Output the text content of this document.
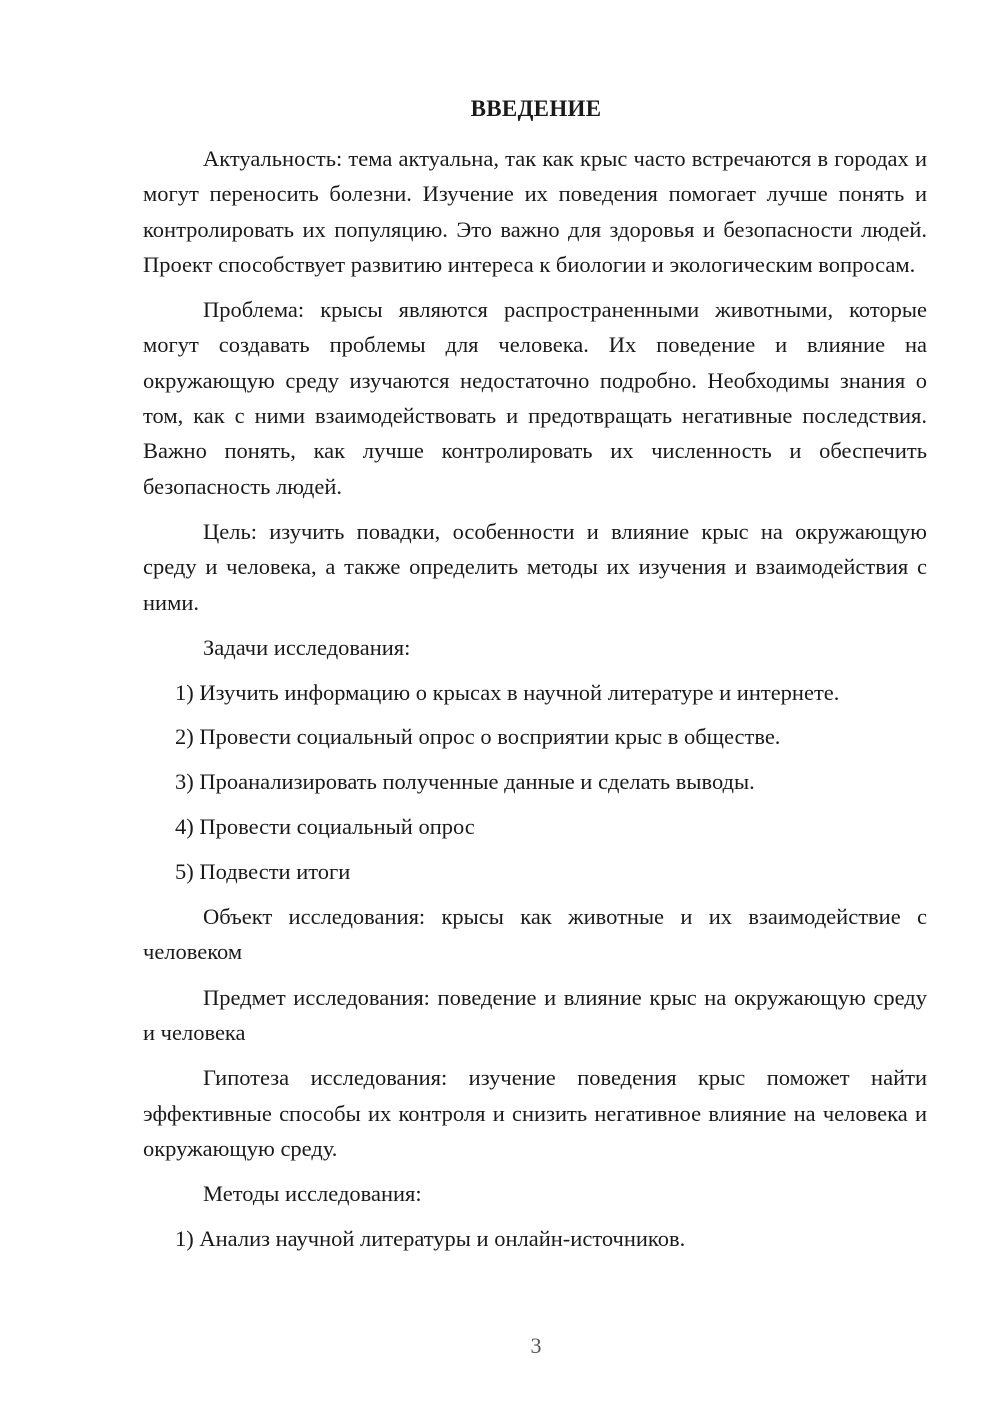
ВВЕДЕНИЕ

Актуальность: тема актуальна, так как крыс часто встречаются в городах и могут переносить болезни. Изучение их поведения помогает лучше понять и контролировать их популяцию. Это важно для здоровья и безопасности людей. Проект способствует развитию интереса к биологии и экологическим вопросам.

Проблема: крысы являются распространенными животными, которые могут создавать проблемы для человека. Их поведение и влияние на окружающую среду изучаются недостаточно подробно. Необходимы знания о том, как с ними взаимодействовать и предотвращать негативные последствия. Важно понять, как лучше контролировать их численность и обеспечить безопасность людей.

Цель: изучить повадки, особенности и влияние крыс на окружающую среду и человека, а также определить методы их изучения и взаимодействия с ними.

Задачи исследования:

1) Изучить информацию о крысах в научной литературе и интернете.

2) Провести социальный опрос о восприятии крыс в обществе.

3) Проанализировать полученные данные и сделать выводы.

4) Провести социальный опрос

5) Подвести итоги

Объект исследования: крысы как животные и их взаимодействие с человеком

Предмет исследования: поведение и влияние крыс на окружающую среду и человека

Гипотеза исследования: изучение поведения крыс поможет найти эффективные способы их контроля и снизить негативное влияние на человека и окружающую среду.

Методы исследования:

1) Анализ научной литературы и онлайн-источников.

3
